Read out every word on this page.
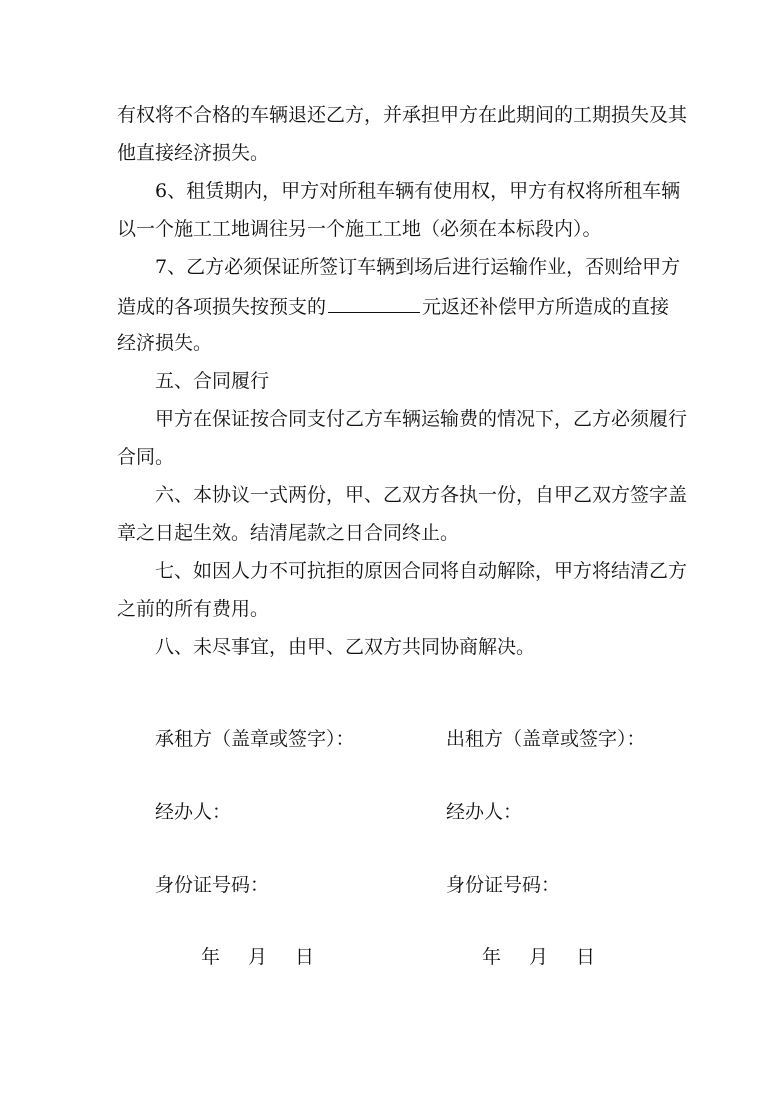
有权将不合格的车辆退还乙方，并承担甲方在此期间的工期损失及其
他直接经济损失。
6、租赁期内，甲方对所租车辆有使用权，甲方有权将所租车辆
以一个施工工地调往另一个施工工地（必须在本标段内）。
7、乙方必须保证所签订车辆到场后进行运输作业，否则给甲方
造成的各项损失按预支的	元返还补偿甲方所造成的直接
经济损失。
五、合同履行
甲方在保证按合同支付乙方车辆运输费的情况下，乙方必须履行
合同。
六、本协议一式两份，甲、乙双方各执一份，自甲乙双方签字盖
章之日起生效。结清尾款之日合同终止。
七、如因人力不可抗拒的原因合同将自动解除，甲方将结清乙方
之前的所有费用。
八、未尽事宜，由甲、乙双方共同协商解决。
承租方（盖章或签字）：	出租方（盖章或签字）：
经办人：	经办人：
身份证号码：	身份证号码：
年 月 日	年 月 日
